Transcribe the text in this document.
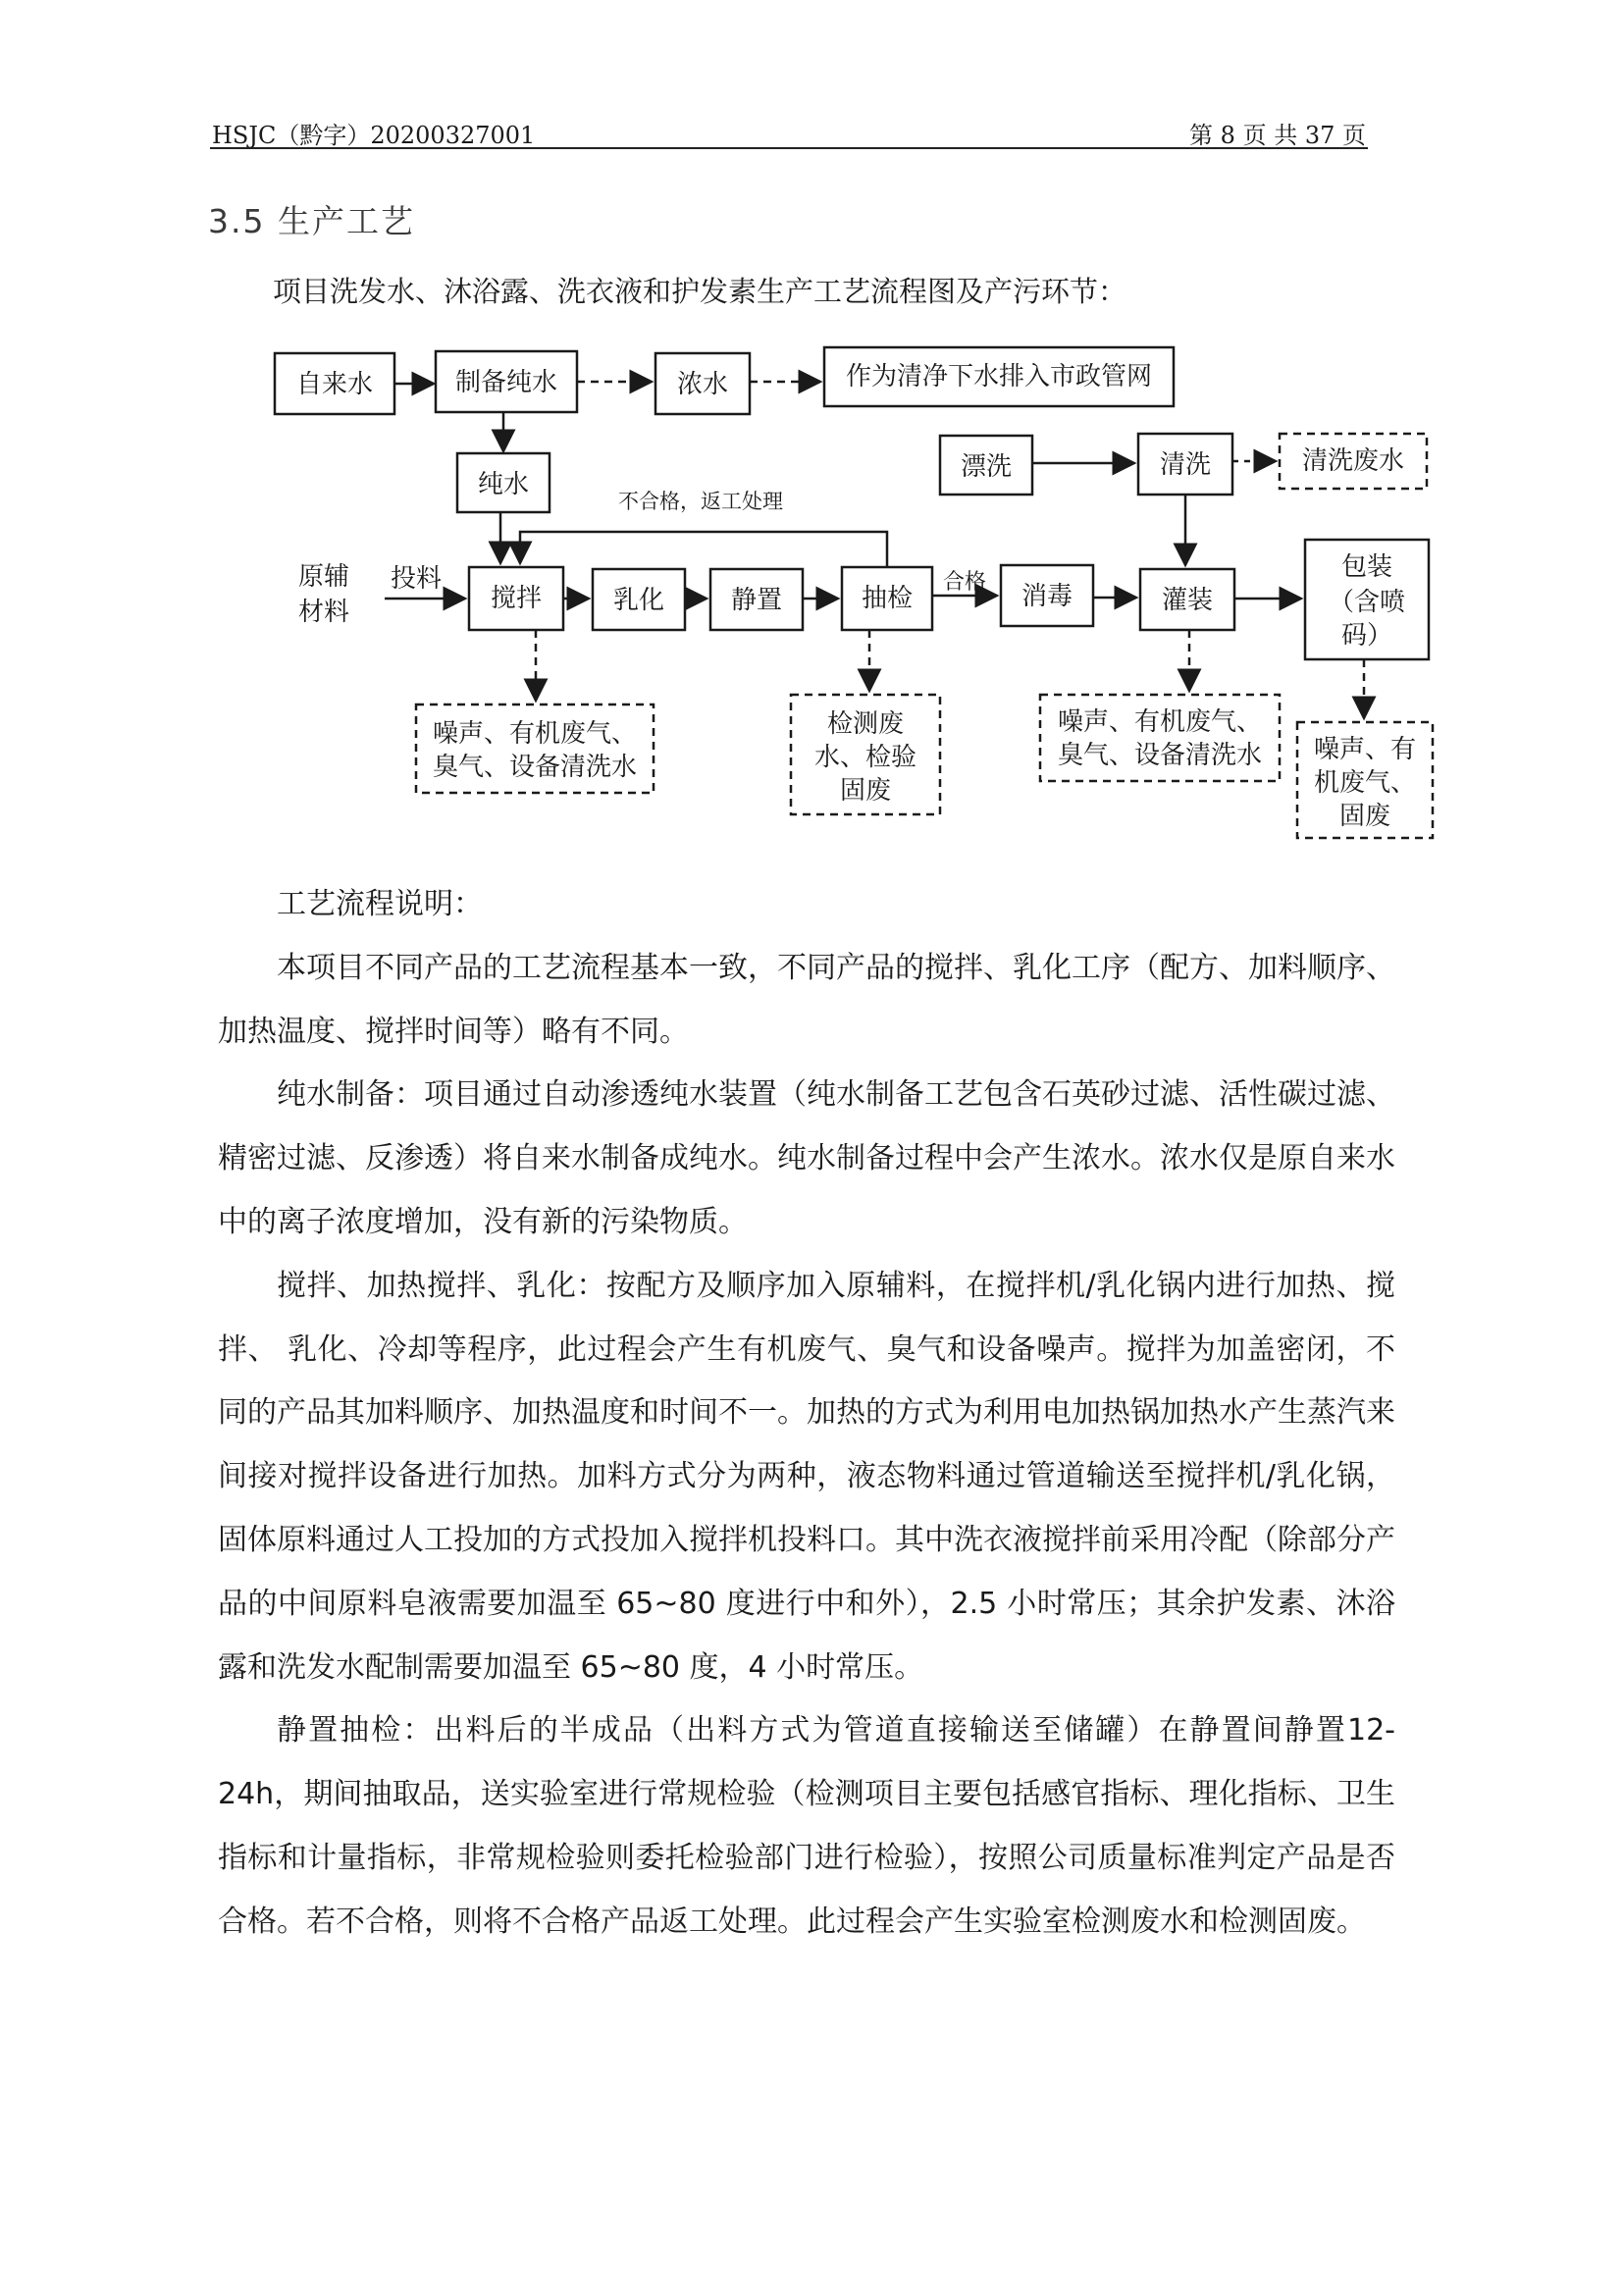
HSJC（黔字）20200327001	第 8 页 共 37 页
3.5 生产工艺
项目洗发水、沐浴露、洗衣液和护发素生产工艺流程图及产污环节：
自来水	制备纯水	浓水	作为清净下水排入市政管网
纯水
漂洗	清洗	清洗废水
不合格，返工处理
原辅
材料
投料
搅拌	乳化	静置	抽检
合格 消毒	灌装
包装
（含喷
码）
噪声、有机废气、
臭气、设备清洗水
检测废
水、检验
固废
噪声、有机废气、
臭气、设备清洗水 噪声、有
机废气、
固废

工艺流程说明：

本项目不同产品的工艺流程基本一致，不同产品的搅拌、乳化工序（配方、加料顺序、加热温度、搅拌时间等）略有不同。

纯水制备：项目通过自动渗透纯水装置（纯水制备工艺包含石英砂过滤、活性碳过滤、精密过滤、反渗透）将自来水制备成纯水。纯水制备过程中会产生浓水。浓水仅是原自来水中的离子浓度增加，没有新的污染物质。

搅拌、加热搅拌、乳化：按配方及顺序加入原辅料，在搅拌机/乳化锅内进行加热、搅拌、 乳化、冷却等程序，此过程会产生有机废气、臭气和设备噪声。搅拌为加盖密闭，不同的产品其加料顺序、加热温度和时间不一。加热的方式为利用电加热锅加热水产生蒸汽来间接对搅拌设备进行加热。加料方式分为两种，液态物料通过管道输送至搅拌机/乳化锅，固体原料通过人工投加的方式投加入搅拌机投料口。其中洗衣液搅拌前采用冷配（除部分产品的中间原料皂液需要加温至 65~80 度进行中和外），2.5 小时常压；其余护发素、沐浴露和洗发水配制需要加温至 65~80 度，4 小时常压。

静置抽检：出料后的半成品（出料方式为管道直接输送至储罐）在静置间静置12-24h，期间抽取品，送实验室进行常规检验（检测项目主要包括感官指标、理化指标、卫生指标和计量指标，非常规检验则委托检验部门进行检验），按照公司质量标准判定产品是否合格。若不合格，则将不合格产品返工处理。此过程会产生实验室检测废水和检测固废。
